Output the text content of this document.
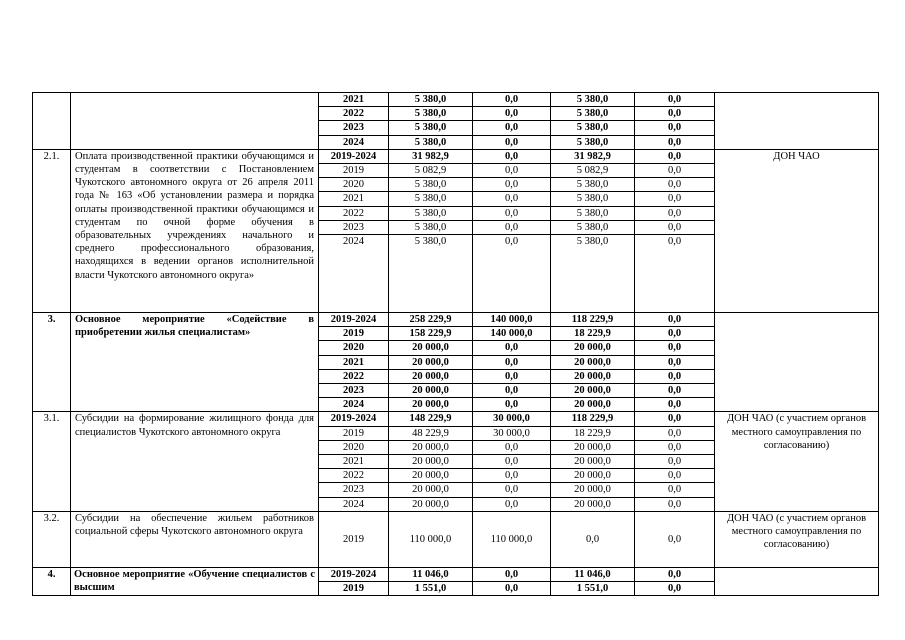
		2021	5 380,0	0,0	5 380,0	0,0	
		2022	5 380,0	0,0	5 380,0	0,0	
		2023	5 380,0	0,0	5 380,0	0,0	
		2024	5 380,0	0,0	5 380,0	0,0	
2.1.	Оплата производственной практики обучающимся и студентам в соответствии с Постановлением Чукотского автономного округа от 26 апреля 2011 года № 163 «Об установлении размера и порядка оплаты производственной практики обучающимся и студентам по очной форме обучения в образовательных учреждениях начального и среднего профессионального образования, находящихся в ведении органов исполнительной власти Чукотского автономного округа»	2019-2024	31 982,9	0,0	31 982,9	0,0	ДОН ЧАО
		2019	5 082,9	0,0	5 082,9	0,0	
		2020	5 380,0	0,0	5 380,0	0,0	
		2021	5 380,0	0,0	5 380,0	0,0	
		2022	5 380,0	0,0	5 380,0	0,0	
		2023	5 380,0	0,0	5 380,0	0,0	
		2024	5 380,0	0,0	5 380,0	0,0	
3.	Основное мероприятие «Содействие в приобретении жилья специалистам»	2019-2024	258 229,9	140 000,0	118 229,9	0,0	
		2019	158 229,9	140 000,0	18 229,9	0,0	
		2020	20 000,0	0,0	20 000,0	0,0	
		2021	20 000,0	0,0	20 000,0	0,0	
		2022	20 000,0	0,0	20 000,0	0,0	
		2023	20 000,0	0,0	20 000,0	0,0	
		2024	20 000,0	0,0	20 000,0	0,0	
3.1.	Субсидии на формирование жилищного фонда для специалистов Чукотского автономного округа	2019-2024	148 229,9	30 000,0	118 229,9	0,0	ДОН ЧАО (с участием органов местного самоуправления по согласованию)
		2019	48 229,9	30 000,0	18 229,9	0,0	
		2020	20 000,0	0,0	20 000,0	0,0	
		2021	20 000,0	0,0	20 000,0	0,0	
		2022	20 000,0	0,0	20 000,0	0,0	
		2023	20 000,0	0,0	20 000,0	0,0	
		2024	20 000,0	0,0	20 000,0	0,0	
3.2.	Субсидии на обеспечение жильем работников социальной сферы Чукотского автономного округа	2019	110 000,0	110 000,0	0,0	0,0	ДОН ЧАО (с участием органов местного самоуправления по согласованию)
4.	Основное мероприятие «Обучение специалистов с высшим	2019-2024	11 046,0	0,0	11 046,0	0,0	
		2019	1 551,0	0,0	1 551,0	0,0	
